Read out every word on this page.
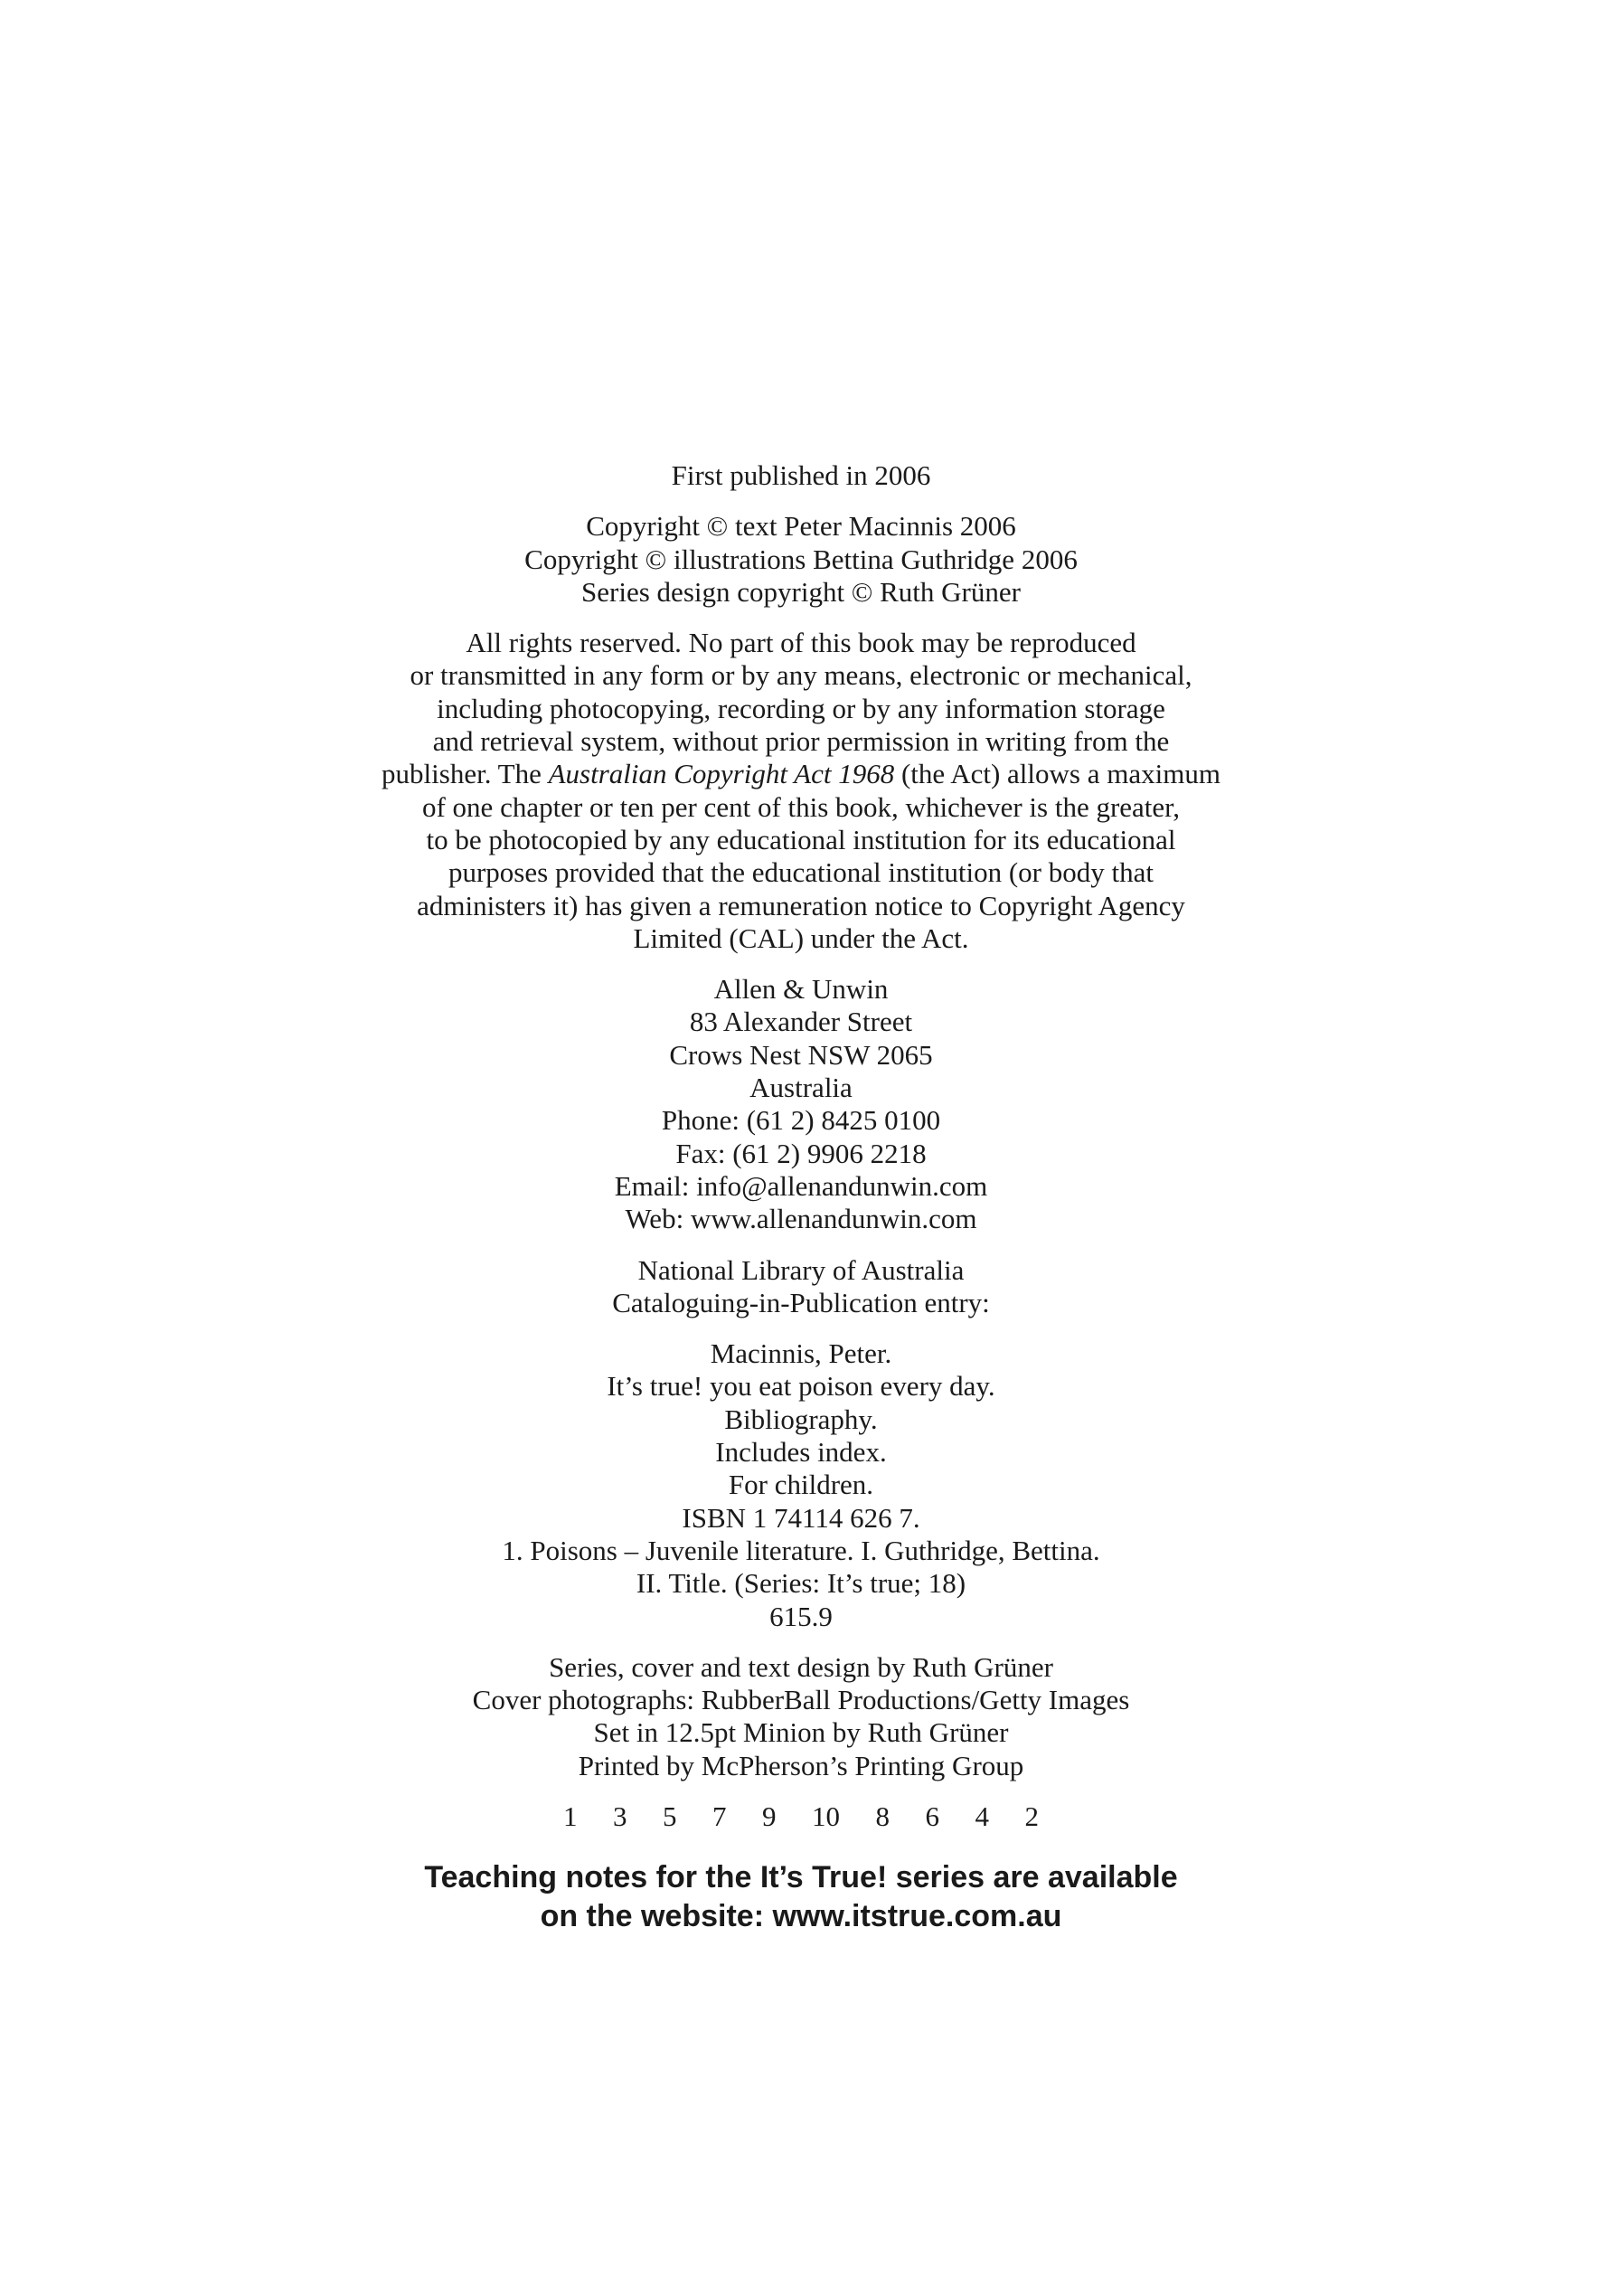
First published in 2006
Copyright © text Peter Macinnis 2006
Copyright © illustrations Bettina Guthridge 2006
Series design copyright © Ruth Grüner
All rights reserved. No part of this book may be reproduced
or transmitted in any form or by any means, electronic or mechanical,
including photocopying, recording or by any information storage
and retrieval system, without prior permission in writing from the
publisher. The Australian Copyright Act 1968 (the Act) allows a maximum
of one chapter or ten per cent of this book, whichever is the greater,
to be photocopied by any educational institution for its educational
purposes provided that the educational institution (or body that
administers it) has given a remuneration notice to Copyright Agency
Limited (CAL) under the Act.
Allen & Unwin
83 Alexander Street
Crows Nest NSW 2065
Australia
Phone: (61 2) 8425 0100
Fax: (61 2) 9906 2218
Email: info@allenandunwin.com
Web: www.allenandunwin.com
National Library of Australia
Cataloguing-in-Publication entry:
Macinnis, Peter.
It’s true! you eat poison every day.
Bibliography.
Includes index.
For children.
ISBN 1 74114 626 7.
1. Poisons – Juvenile literature. I. Guthridge, Bettina.
II. Title. (Series: It’s true; 18)
615.9
Series, cover and text design by Ruth Grüner
Cover photographs: RubberBall Productions/Getty Images
Set in 12.5pt Minion by Ruth Grüner
Printed by McPherson’s Printing Group
1  3  5  7  9  10  8  6  4  2
Teaching notes for the It’s True! series are available
on the website: www.itstrue.com.au
